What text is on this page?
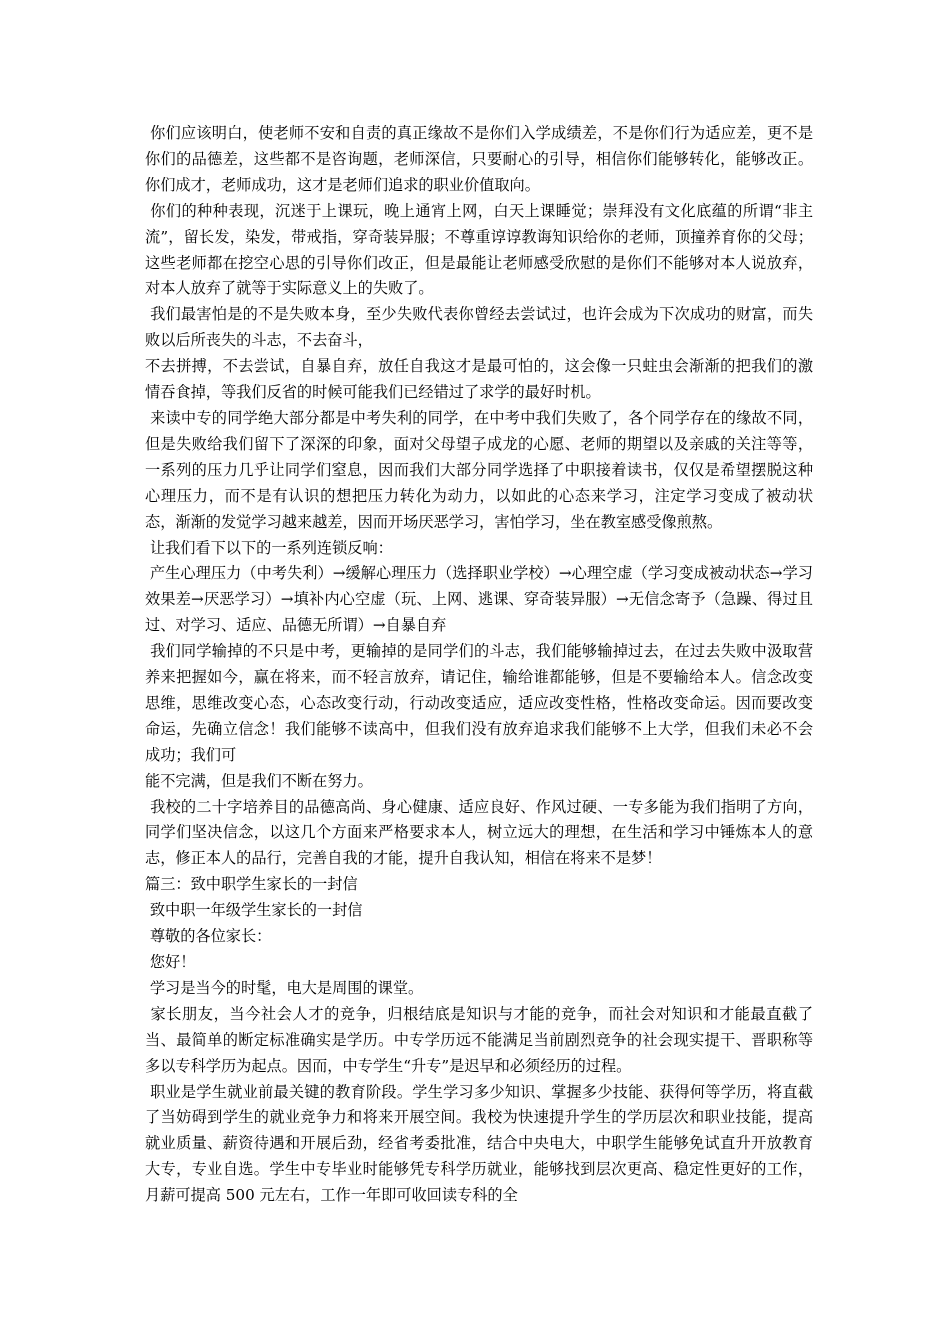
你们应该明白，使老师不安和自责的真正缘故不是你们入学成绩差，不是你们行为适应差，更不是你们的品德差，这些都不是咨询题，老师深信，只要耐心的引导，相信你们能够转化，能够改正。你们成才，老师成功，这才是老师们追求的职业价值取向。

你们的种种表现，沉迷于上课玩，晚上通宵上网，白天上课睡觉；崇拜没有文化底蕴的所谓“非主流”，留长发，染发，带戒指，穿奇装异服；不尊重谆谆教诲知识给你的老师，顶撞养育你的父母；这些老师都在挖空心思的引导你们改正，但是最能让老师感受欣慰的是你们不能够对本人说放弃，对本人放弃了就等于实际意义上的失败了。

我们最害怕是的不是失败本身，至少失败代表你曾经去尝试过，也许会成为下次成功的财富，而失败以后所丧失的斗志，不去奋斗，

不去拼搏，不去尝试，自暴自弃，放任自我这才是最可怕的，这会像一只蛀虫会渐渐的把我们的激情吞食掉，等我们反省的时候可能我们已经错过了求学的最好时机。

来读中专的同学绝大部分都是中考失利的同学，在中考中我们失败了，各个同学存在的缘故不同，但是失败给我们留下了深深的印象，面对父母望子成龙的心愿、老师的期望以及亲戚的关注等等，一系列的压力几乎让同学们窒息，因而我们大部分同学选择了中职接着读书，仅仅是希望摆脱这种心理压力，而不是有认识的想把压力转化为动力，以如此的心态来学习，注定学习变成了被动状态，渐渐的发觉学习越来越差，因而开场厌恶学习，害怕学习，坐在教室感受像煎熬。

让我们看下以下的一系列连锁反响：

产生心理压力（中考失利）→缓解心理压力（选择职业学校）→心理空虚（学习变成被动状态→学习效果差→厌恶学习）→填补内心空虚（玩、上网、逃课、穿奇装异服）→无信念寄予（急躁、得过且过、对学习、适应、品德无所谓）→自暴自弃

我们同学输掉的不只是中考，更输掉的是同学们的斗志，我们能够输掉过去，在过去失败中汲取营养来把握如今，赢在将来，而不轻言放弃，请记住，输给谁都能够，但是不要输给本人。信念改变思维，思维改变心态，心态改变行动，行动改变适应，适应改变性格，性格改变命运。因而要改变命运，先确立信念！我们能够不读高中，但我们没有放弃追求我们能够不上大学，但我们未必不会成功；我们可

能不完满，但是我们不断在努力。

我校的二十字培养目的品德高尚、身心健康、适应良好、作风过硬、一专多能为我们指明了方向，同学们坚决信念，以这几个方面来严格要求本人，树立远大的理想，在生活和学习中锤炼本人的意志，修正本人的品行，完善自我的才能，提升自我认知，相信在将来不是梦！

篇三：致中职学生家长的一封信

致中职一年级学生家长的一封信

尊敬的各位家长：

您好！

学习是当今的时髦，电大是周围的课堂。

家长朋友，当今社会人才的竞争，归根结底是知识与才能的竞争，而社会对知识和才能最直截了当、最简单的断定标准确实是学历。中专学历远不能满足当前剧烈竞争的社会现实提干、晋职称等多以专科学历为起点。因而，中专学生“升专”是迟早和必须经历的过程。

职业是学生就业前最关键的教育阶段。学生学习多少知识、掌握多少技能、获得何等学历，将直截了当妨碍到学生的就业竞争力和将来开展空间。我校为快速提升学生的学历层次和职业技能，提高就业质量、薪资待遇和开展后劲，经省考委批准，结合中央电大，中职学生能够免试直升开放教育大专，专业自选。学生中专毕业时能够凭专科学历就业，能够找到层次更高、稳定性更好的工作，月薪可提高 500 元左右，工作一年即可收回读专科的全
